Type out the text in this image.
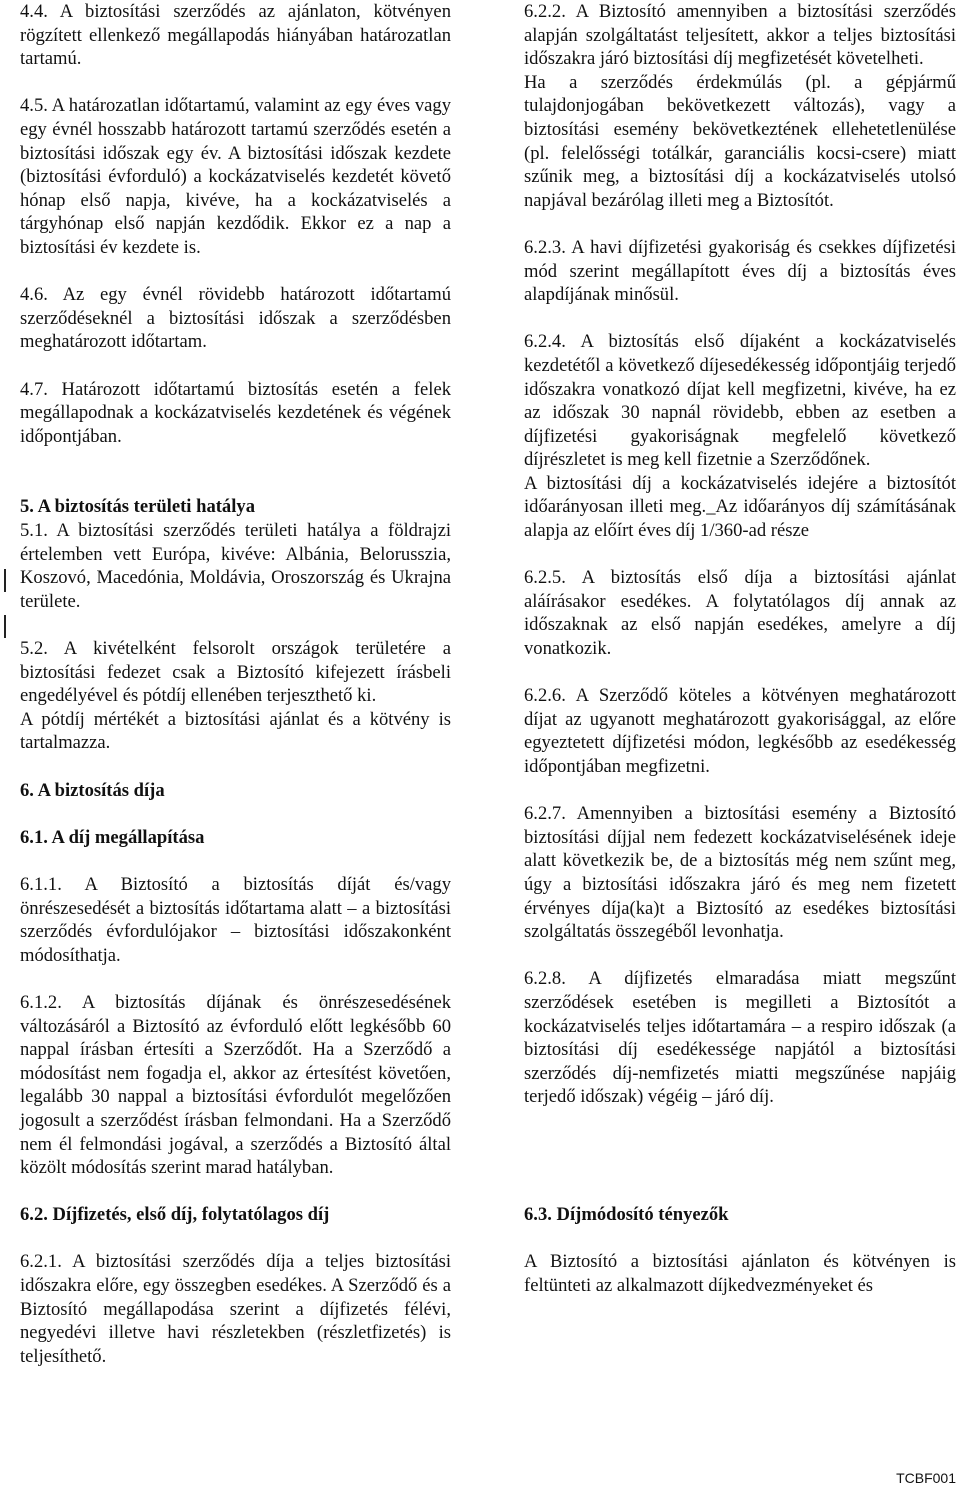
4.4. A biztosítási szerződés az ajánlaton, kötvényen rögzített ellenkező megállapodás hiányában határozatlan tartamú.

4.5. A határozatlan időtartamú, valamint az egy éves vagy egy évnél hosszabb határozott tartamú szerződés esetén a biztosítási időszak egy év. A biztosítási időszak kezdete (biztosítási évforduló) a kockázatviselés kezdetét követő hónap első napja, kivéve, ha a kockázatviselés a tárgyhónap első napján kezdődik. Ekkor ez a nap a biztosítási év kezdete is.

4.6. Az egy évnél rövidebb határozott időtartamú szerződéseknél a biztosítási időszak a szerződésben meghatározott időtartam.

4.7. Határozott időtartamú biztosítás esetén a felek megállapodnak a kockázatviselés kezdetének és végének időpontjában.

5. A biztosítás területi hatálya

5.1. A biztosítási szerződés területi hatálya a földrajzi értelemben vett Európa, kivéve: Albánia, Belorusszia, Koszovó, Macedónia, Moldávia, Oroszország és Ukrajna területe.

5.2. A kivételként felsorolt országok területére a biztosítási fedezet csak a Biztosító kifejezett írásbeli engedélyével és pótdíj ellenében terjeszthető ki.

A pótdíj mértékét a biztosítási ajánlat és a kötvény is tartalmazza.

6. A biztosítás díja

6.1. A díj megállapítása

6.1.1. A Biztosító a biztosítás díját és/vagy önrészesedését a biztosítás időtartama alatt – a biztosítási szerződés évfordulójakor – biztosítási időszakonként módosíthatja.

6.1.2. A biztosítás díjának és önrészesedésének változásáról a Biztosító az évforduló előtt legkésőbb 60 nappal írásban értesíti a Szerződőt. Ha a Szerződő a módosítást nem fogadja el, akkor az értesítést követően, legalább 30 nappal a biztosítási évfordulót megelőzően jogosult a szerződést írásban felmondani. Ha a Szerződő nem él felmondási jogával, a szerződés a Biztosító által közölt módosítás szerint marad hatályban.

6.2. Díjfizetés, első díj, folytatólagos díj

6.2.1. A biztosítási szerződés díja a teljes biztosítási időszakra előre, egy összegben esedékes. A Szerződő és a Biztosító megállapodása szerint a díjfizetés félévi, negyedévi illetve havi részletekben (részletfizetés) is teljesíthető.

6.2.2. A Biztosító amennyiben a biztosítási szerződés alapján szolgáltatást teljesített, akkor a teljes biztosítási időszakra járó biztosítási díj megfizetését követelheti.

Ha a szerződés érdekmúlás (pl. a gépjármű tulajdonjogában bekövetkezett változás), vagy a biztosítási esemény bekövetkeztének ellehetetlenülése (pl. felelősségi totálkár, garanciális kocsi-csere) miatt szűnik meg, a biztosítási díj a kockázatviselés utolsó napjával bezárólag illeti meg a Biztosítót.

6.2.3. A havi díjfizetési gyakoriság és csekkes díjfizetési mód szerint megállapított éves díj a biztosítás éves alapdíjának minősül.

6.2.4. A biztosítás első díjaként a kockázatviselés kezdetétől a következő díjesedékesség időpontjáig terjedő időszakra vonatkozó díjat kell megfizetni, kivéve, ha ez az időszak 30 napnál rövidebb, ebben az esetben a díjfizetési gyakoriságnak megfelelő következő díjrészletet is meg kell fizetnie a Szerződőnek.

A biztosítási díj a kockázatviselés idejére a biztosítót időarányosan illeti meg._Az időarányos díj számításának alapja az előírt éves díj 1/360-ad része

6.2.5. A biztosítás első díja a biztosítási ajánlat aláírásakor esedékes. A folytatólagos díj annak az időszaknak az első napján esedékes, amelyre a díj vonatkozik.

6.2.6. A Szerződő köteles a kötvényen meghatározott díjat az ugyanott meghatározott gyakorisággal, az előre egyeztetett díjfizetési módon, legkésőbb az esedékesség időpontjában megfizetni.

6.2.7. Amennyiben a biztosítási esemény a Biztosító biztosítási díjjal nem fedezett kockázatviselésének ideje alatt következik be, de a biztosítás még nem szűnt meg, úgy a biztosítási időszakra járó és meg nem fizetett érvényes díja(ka)t a Biztosító az esedékes biztosítási szolgáltatás összegéből levonhatja.

6.2.8. A díjfizetés elmaradása miatt megszűnt szerződések esetében is megilleti a Biztosítót a kockázatviselés teljes időtartamára – a respiro időszak (a biztosítási díj esedékessége napjától a biztosítási szerződés díj-nemfizetés miatti megszűnése napjáig terjedő időszak) végéig – járó díj.

6.3. Díjmódosító tényezők

A Biztosító a biztosítási ajánlaton és kötvényen is feltünteti az alkalmazott díjkedvezményeket és

TCBF001
